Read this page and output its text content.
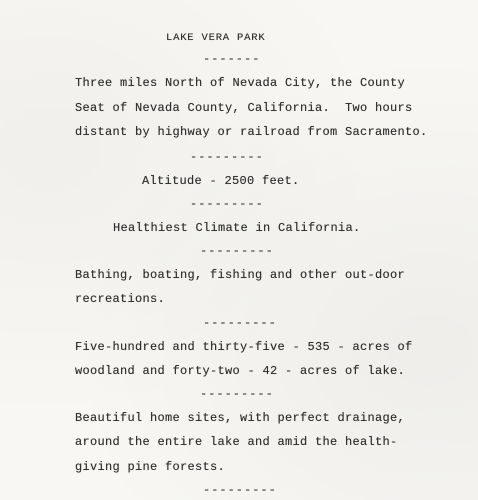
LAKE VERA PARK
-------
Three miles North of Nevada City, the County
Seat of Nevada County, California.  Two hours
distant by highway or railroad from Sacramento.
---------
Altitude - 2500 feet.
---------
Healthiest Climate in California.
---------
Bathing, boating, fishing and other out-door
recreations.
---------
Five-hundred and thirty-five - 535 - acres of
woodland and forty-two - 42 - acres of lake.
---------
Beautiful home sites, with perfect drainage,
around the entire lake and amid the health-
giving pine forests.
---------
